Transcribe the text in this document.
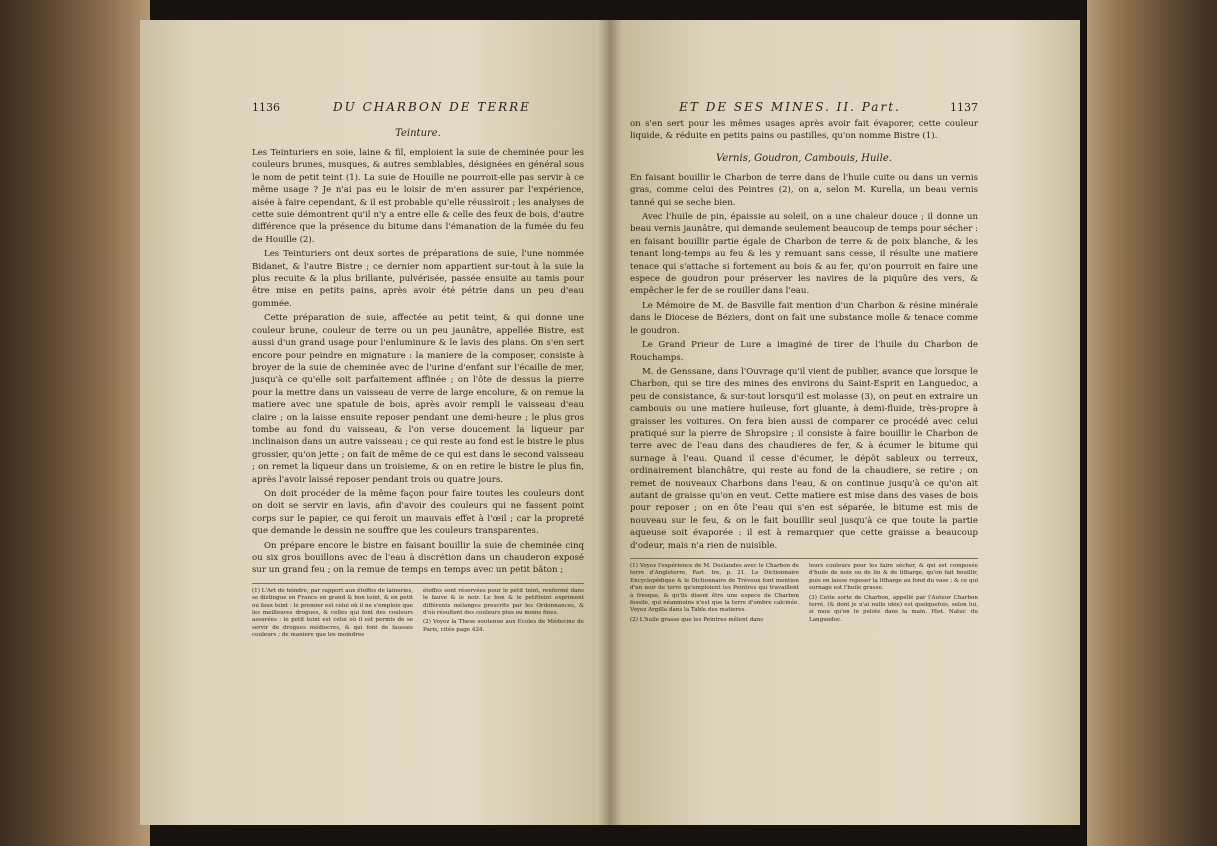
1136	DU CHARBON DE TERRE
Teinture.

Les Teinturiers en soie, laine & fil, emploient la suie de cheminée pour les couleurs brunes, musques, & autres semblables, désignées en général sous le nom de petit teint (1). La suie de Houille ne pourroit-elle pas servir à ce même usage ? Je n'ai pas eu le loisir de m'en assurer par l'expérience, aisée à faire cependant, & il est probable qu'elle réussiroit ; les analyses de cette suie démontrent qu'il n'y a entre elle & celle des feux de bois, d'autre différence que la présence du bitume dans l'émanation de la fumée du feu de Houille (2).

Les Teinturiers ont deux sortes de préparations de suie, l'une nommée Bidanet, & l'autre Bistre ; ce dernier nom appartient sur-tout à la suie la plus recuite & la plus brillante, pulvérisée, passée ensuite au tamis pour être mise en petits pains, après avoir été pétrie dans un peu d'eau gommée.

Cette préparation de suie, affectée au petit teint, & qui donne une couleur brune, couleur de terre ou un peu jaunâtre, appellée Bistre, est aussi d'un grand usage pour l'enluminure & le lavis des plans. On s'en sert encore pour peindre en mignature : la maniere de la composer, consiste à broyer de la suie de cheminée avec de l'urine d'enfant sur l'écaille de mer, jusqu'à ce qu'elle soit parfaitement affinée ; on l'ôte de dessus la pierre pour la mettre dans un vaisseau de verre de large encolure, & on remue la matiere avec une spatule de bois, après avoir rempli le vaisseau d'eau claire ; on la laisse ensuite reposer pendant une demi-heure ; le plus gros tombe au fond du vaisseau, & l'on verse doucement la liqueur par inclinaison dans un autre vaisseau ; ce qui reste au fond est le bistre le plus grossier, qu'on jette ; on fait de même de ce qui est dans le second vaisseau ; on remet la liqueur dans un troisieme, & on en retire le bistre le plus fin, après l'avoir laissé reposer pendant trois ou quatre jours.

On doit procéder de la même façon pour faire toutes les couleurs dont on doit se servir en lavis, afin d'avoir des couleurs qui ne fassent point corps sur le papier, ce qui feroit un mauvais effet à l'œil ; car la propreté que demande le dessin ne souffre que les couleurs transparentes.

On prépare encore le bistre en faisant bouillir la suie de cheminée cinq ou six gros bouillons avec de l'eau à discrétion dans un chauderon exposé sur un grand feu ; on la remue de temps en temps avec un petit bâton ;

(1) L'Art de teindre, par rapport aux étoffes de laineries, se distingue en France en grand & bon teint, & en petit ou faux teint : le premier est celui où il ne s'emploie que les meilleures drogues, & celles qui font des couleurs assurées : le petit teint est celui où il est permis de se servir de drogues médiocres, & qui font de fausses couleurs ; de maniere que les moindres

étoffes sont réservées pour le petit teint, renfermé dans le fauve & le noir. Le bon & le petitteint expriment différents mélanges prescrits par les Ordonnances, & d'où résultent des couleurs plus ou moins fines.

(2) Voyez la These soutenue aux Ecoles de Médecine de Paris, citée page 424.

ET DE SES MINES. II. Part.	1137

on s'en sert pour les mêmes usages après avoir fait évaporer, cette couleur liquide, & réduite en petits pains ou pastilles, qu'on nomme Bistre (1).

Vernis, Goudron, Cambouis, Huile.

En faisant bouillir le Charbon de terre dans de l'huile cuite ou dans un vernis gras, comme celui des Peintres (2), on a, selon M. Kurella, un beau vernis tanné qui se seche bien.

Avec l'huile de pin, épaissie au soleil, on a une chaleur douce ; il donne un beau vernis jaunâtre, qui demande seulement beaucoup de temps pour sécher : en faisant bouillir partie égale de Charbon de terre & de poix blanche, & les tenant long-temps au feu & les y remuant sans cesse, il résulte une matiere tenace qui s'attache si fortement au bois & au fer, qu'on pourroit en faire une espece de goudron pour préserver les navires de la piquûre des vers, & empêcher le fer de se rouiller dans l'eau.

Le Mémoire de M. de Basville fait mention d'un Charbon & résine minérale dans le Diocese de Béziers, dont on fait une substance molle & tenace comme le goudron.

Le Grand Prieur de Lure a imaginé de tirer de l'huile du Charbon de Rouchamps.

M. de Genssane, dans l'Ouvrage qu'il vient de publier, avance que lorsque le Charbon, qui se tire des mines des environs du Saint-Esprit en Languedoc, a peu de consistance, & sur-tout lorsqu'il est molasse (3), on peut en extraire un cambouis ou une matiere huileuse, fort gluante, à demi-fluide, très-propre à graisser les voitures. On fera bien aussi de comparer ce procédé avec celui pratiqué sur la pierre de Shropsire ; il consiste à faire bouillir le Charbon de terre avec de l'eau dans des chaudieres de fer, & à écumer le bitume qui surnage à l'eau. Quand il cesse d'écumer, le dépôt sableux ou terreux, ordinairement blanchâtre, qui reste au fond de la chaudiere, se retire ; on remet de nouveaux Charbons dans l'eau, & on continue jusqu'à ce qu'on ait autant de graisse qu'on en veut. Cette matiere est mise dans des vases de bois pour reposer ; on en ôte l'eau qui s'en est séparée, le bitume est mis de nouveau sur le feu, & on le fait bouillir seul jusqu'à ce que toute la partie aqueuse soit évaporée : il est à remarquer que cette graisse a beaucoup d'odeur, mais n'a rien de nuisible.

(1) Voyez l'expérience de M. Deslandes avec le Charbon de terre d'Angleterre, Part. Ire, p. 21. Le Dictionnaire Encyclopédique & le Dictionnaire de Trévoux font mention d'un noir de terre qu'emploient les Peintres qui travaillent à fresque, & qu'ils disent être une espece de Charbon fossile, qui néanmoins n'est que la terre d'ombre calcinée. Voyez Argilla dans la Table des matieres.

(2) L'huile grasse que les Peintres mêlent dans

leurs couleurs pour les faire sécher, & qui est composée d'huile de noix ou de lin & de litharge, qu'on fait bouillir, puis on laisse reposer la litharge au fond du vase ; & ce qui surnage est l'huile grasse.

(3) Cette sorte de Charbon, appellé par l'Auteur Charbon terré, (& dont je n'ai nulle idée) est quelquefois, selon lui, si mou qu'on le pelote dans la main. Hist. Natur. du Languedoc.
